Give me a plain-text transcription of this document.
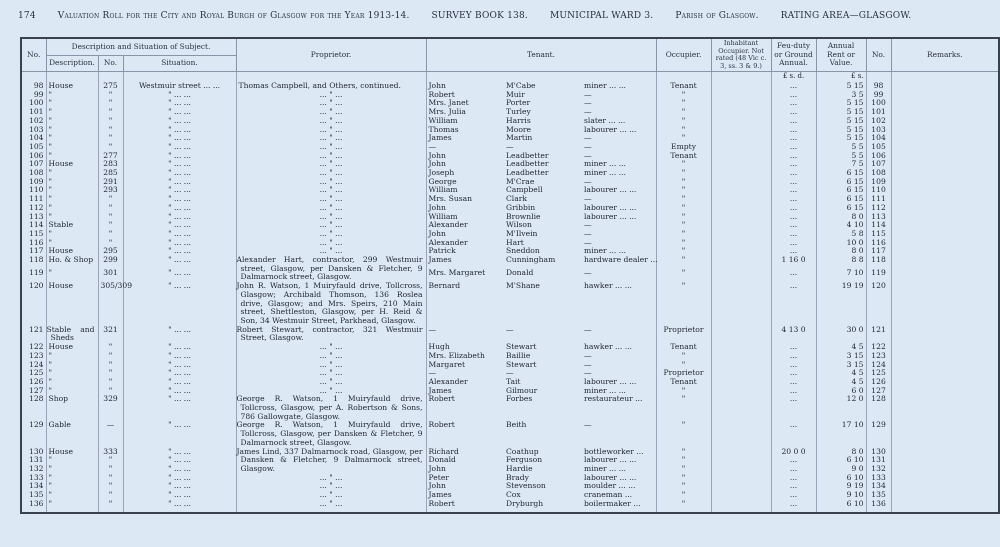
174 Valuation Roll for the City and Royal Burgh of Glasgow for the Year 1913-14. SURVEY BOOK 138. MUNICIPAL WARD 3. Parish of Glasgow. RATING AREA—GLASGOW.
No.	Description and Situation of Subject.			Proprietor.	Tenant.			Occupier.	Inhabitant Occupier. Not rated (48 Vic c. 3, ss. 3 & 9.)	Feu-duty or Ground Annual.	Annual Rent or Value.	No.	Remarks.
	Description.	No.	Situation.										
										£ s. d.	£ s.		
98	House	275	Westmuir street ... ...	Thomas Campbell, and Others, continued.	John	M'Cabe	miner ... ...	Tenant		...	5 15	98	
99	"	"	" ... ...	... " ...	Robert	Muir	—	"		...	3 5	99	
100	"	"	" ... ...	... " ...	Mrs. Janet	Porter	—	"		...	5 15	100	
101	"	"	" ... ...	... " ...	Mrs. Julia	Turley	—	"		...	5 15	101	
102	"	"	" ... ...	... " ...	William	Harris	slater ... ...	"		...	5 15	102	
103	"	"	" ... ...	... " ...	Thomas	Moore	labourer ... ...	"		...	5 15	103	
104	"	"	" ... ...	... " ...	James	Martin	—	"		...	5 15	104	
105	"	"	" ... ...	... " ...	—	—	—	Empty		...	5 5	105	
106	"	277	" ... ...	... " ...	John	Leadbetter	—	Tenant		...	5 5	106	
107	House	283	" ... ...	... " ...	John	Leadbetter	miner ... ...	"		...	7 5	107	
108	"	285	" ... ...	... " ...	Joseph	Leadbetter	miner ... ...	"		...	6 15	108	
109	"	291	" ... ...	... " ...	George	M'Crae	—	"		...	6 15	109	
110	"	293	" ... ...	... " ...	William	Campbell	labourer ... ...	"		...	6 15	110	
111	"	"	" ... ...	... " ...	Mrs. Susan	Clark	—	"		...	6 15	111	
112	"	"	" ... ...	... " ...	John	Gribbin	labourer ... ...	"		...	6 15	112	
113	"	"	" ... ...	... " ...	William	Brownlie	labourer ... ...	"		...	8 0	113	
114	Stable	"	" ... ...	... " ...	Alexander	Wilson	—	"		...	4 10	114	
115	"	"	" ... ...	... " ...	John	M'Ilvein	—	"		...	5 8	115	
116	"	"	" ... ...	... " ...	Alexander	Hart	—	"		...	10 0	116	
117	House	295	" ... ...	... " ...	Patrick	Sneddon	miner ... ...	"		...	8 0	117	
118	Ho. & Shop	299	" ... ...	Alexander Hart, contractor, 299 Westmuir street, Glasgow, per Dansken & Fletcher, 9 Dalmarnock street, Glasgow.	James	Cunningham	hardware dealer ...	"		1 16 0	8 8	118	
119	"	301	" ... ...		Mrs. Margaret	Donald	—	"		...	7 10	119	
120	House	305/309	" ... ...	John R. Watson, 1 Muiryfauld drive, Tollcross, Glasgow; Archibald Thomson, 136 Roslea drive, Glasgow; and Mrs. Speirs, 210 Main street, Shettleston, Glasgow, per H. Reid & Son, 34 Westmuir Street, Parkhead, Glasgow.	Bernard	M'Shane	hawker ... ...	"		...	19 19	120	
121	Stable and Sheds	321	" ... ...	Robert Stewart, contractor, 321 Westmuir Street, Glasgow.	—	—	—	Proprietor		4 13 0	30 0	121	
122	House	"	" ... ...	... " ...	Hugh	Stewart	hawker ... ...	Tenant		...	4 5	122	
123	"	"	" ... ...	... " ...	Mrs. Elizabeth	Baillie	—	"		...	3 15	123	
124	"	"	" ... ...	... " ...	Margaret	Stewart	—	"		...	3 15	124	
125	"	"	" ... ...	... " ...	—	—	—	Proprietor		...	4 5	125	
126	"	"	" ... ...	... " ...	Alexander	Tait	labourer ... ...	Tenant		...	4 5	126	
127	"	"	" ... ...	... " ...	James	Gilmour	miner ... ...	"		...	6 0	127	
128	Shop	329	" ... ...	George R. Watson, 1 Muiryfauld drive, Tollcross, Glasgow, per A. Robertson & Sons, 786 Gallowgate, Glasgow.	Robert	Forbes	restaurateur ...	"		...	12 0	128	
129	Gable	—	" ... ...	George R. Watson, 1 Muiryfauld drive, Tollcross, Glasgow, per Dansken & Fletcher, 9 Dalmarnock street, Glasgow.	Robert	Beith	—	"		...	17 10	129	
130	House	333	" ... ...	James Lind, 337 Dalmarnock road, Glasgow, per Dansken & Fletcher, 9 Dalmarnock street, Glasgow.	Richard	Coathup	bottleworker ...	"		20 0 0	8 0	130	
131	"	"	" ... ...		Donald	Ferguson	labourer ... ...	"		...	6 10	131	
132	"	"	" ... ...		John	Hardie	miner ... ...	"		...	9 0	132	
133	"	"	" ... ...	... " ...	Peter	Brady	labourer ... ...	"		...	6 10	133	
134	"	"	" ... ...	... " ...	John	Stevenson	moulder ... ...	"		...	9 19	134	
135	"	"	" ... ...	... " ...	James	Cox	craneman ...	"		...	9 10	135	
136	"	"	" ... ...	... " ...	Robert	Dryburgh	boilermaker ...	"		...	6 10	136	
